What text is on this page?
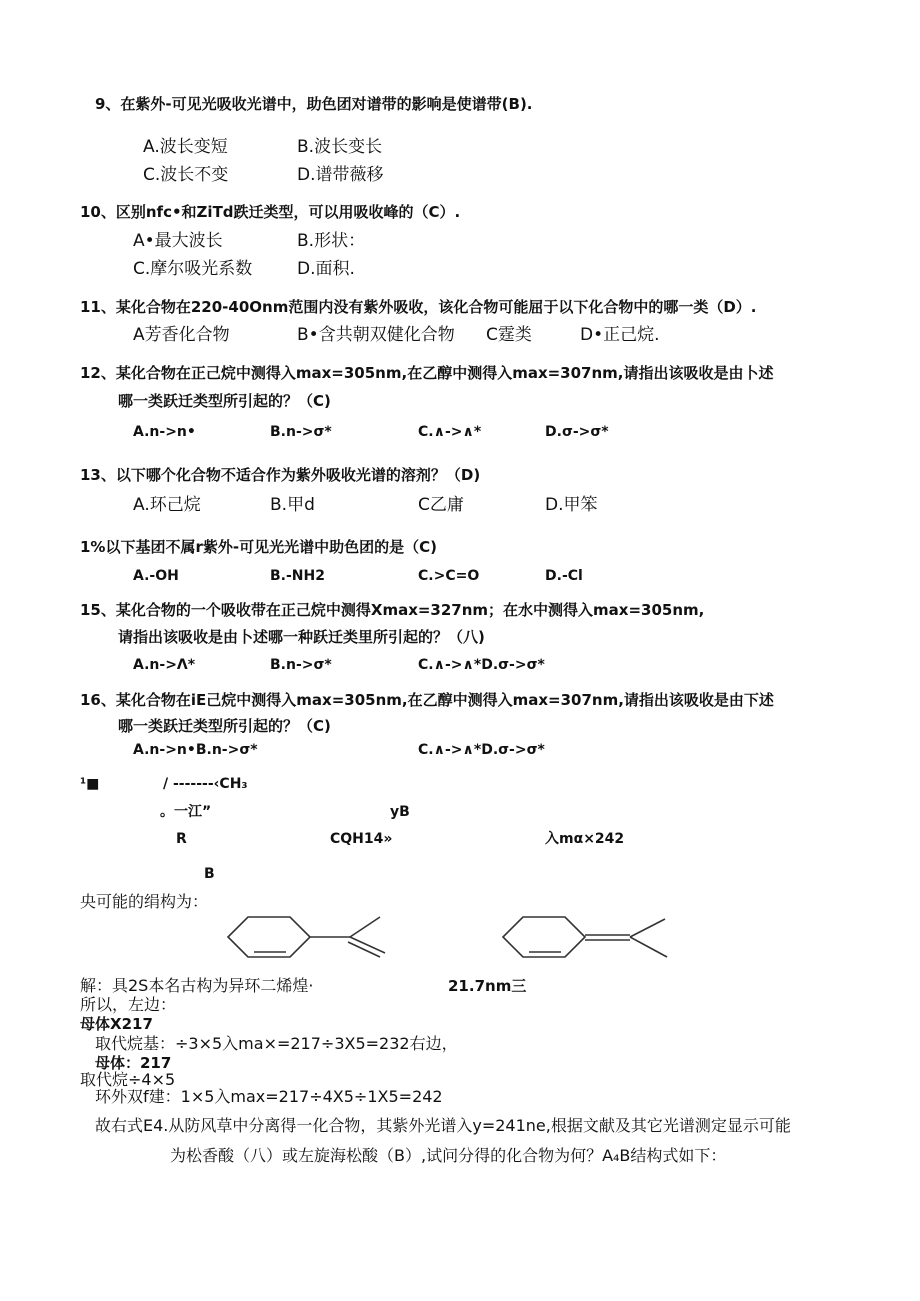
9、在紫外-可见光吸收光谱中，助色团对谱带的影响是使谱带(B).
A.波长变短	B.波长变长
C.波长不变	D.谱带薇移
10、区别nfc•和ZiTd跌迁类型，可以用吸收峰的（C）.
A•最大波长	B.形状：
C.摩尔吸光系数	D.面积.
11、某化合物在220-40Onm范围内没有紫外吸收，该化合物可能屈于以下化合物中的哪一类（D）.
A芳香化合物	B•含共朝双健化合物 C霆类	D•正己烷.
12、某化合物在正己烷中测得入max=305nm,在乙醇中测得入max=307nm,请指出该吸收是由卜述
哪一类跃迁类型所引起的？（C)
A.n->n•	B.n->σ*	C.∧->∧*	D.σ->σ*
13、以下哪个化合物不适合作为紫外吸收光谱的溶剂？（D)
A.环己烷	B.甲d	C乙庸	D.甲笨
1%以下基团不属r紫外-可见光光谱中助色团的是（C)
A.-OH	B.-NH2	C.>C=O	D.-Cl
15、某化合物的一个吸收带在正己烷中测得Xmax=327nm；在水中测得入max=305nm,
请指出该吸收是由卜述哪一种跃迁类里所引起的？（八)
A.n->Λ*	B.n->σ*	C.∧->∧*D.σ->σ*
16、某化合物在iE己烷中测得入max=305nm,在乙醇中测得入max=307nm,请指出该吸收是由下述
哪一类跃迁类型所引起的？（C)
A.n->n•B.n->σ*	C.∧->∧*D.σ->σ*
¹■	/ -------‹CH₃
。一江”	yB
R	CQH14»	入mα×242
B
央可能的绢构为：
解：具2S本名古构为异环二烯煌·	21.7nm三
所以，左边：
母体X217
取代烷基：÷3×5入ma×=217÷3X5=232右边，
母体：217
取代烷÷4×5
环外双f建：1×5入max=217÷4X5÷1X5=242
故右式E4.从防风草中分离得一化合物，其紫外光谱入y=241ne,根据文献及其它光谱测定显示可能
为松香酸（八）或左旋海松酸（B）,试问分得的化合物为何？A₄B结构式如下：
